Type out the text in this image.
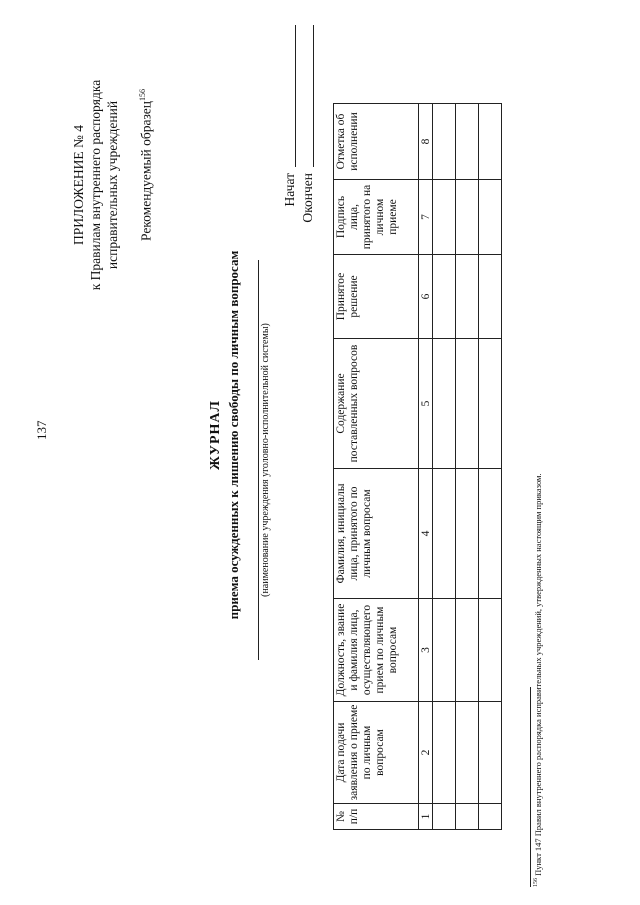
137
ПРИЛОЖЕНИЕ № 4 к Правилам внутреннего распорядка исправительных учреждений Рекомендуемый образец$^{156}$
ЖУРНАЛ приема осужденных к лишению свободы по личным вопросам (наименование учреждения уголовно-исполнительной системы)
Начат Окончен
№ п/п	Дата подачи заявления о приеме по личным вопросам	Должность, звание и фамилия лица, осуществляющего прием по личным вопросам	Фамилия, инициалы лица, принятого по личным вопросам	Содержание поставленных вопросов	Принятое решение	Подпись лица, принятого на личном приеме	Отметка об исполнении
1	2	3	4	5	6	7	8

$^{156}$ Пункт 147 Правил внутреннего распорядка исправительных учреждений, утвержденных настоящим приказом.
